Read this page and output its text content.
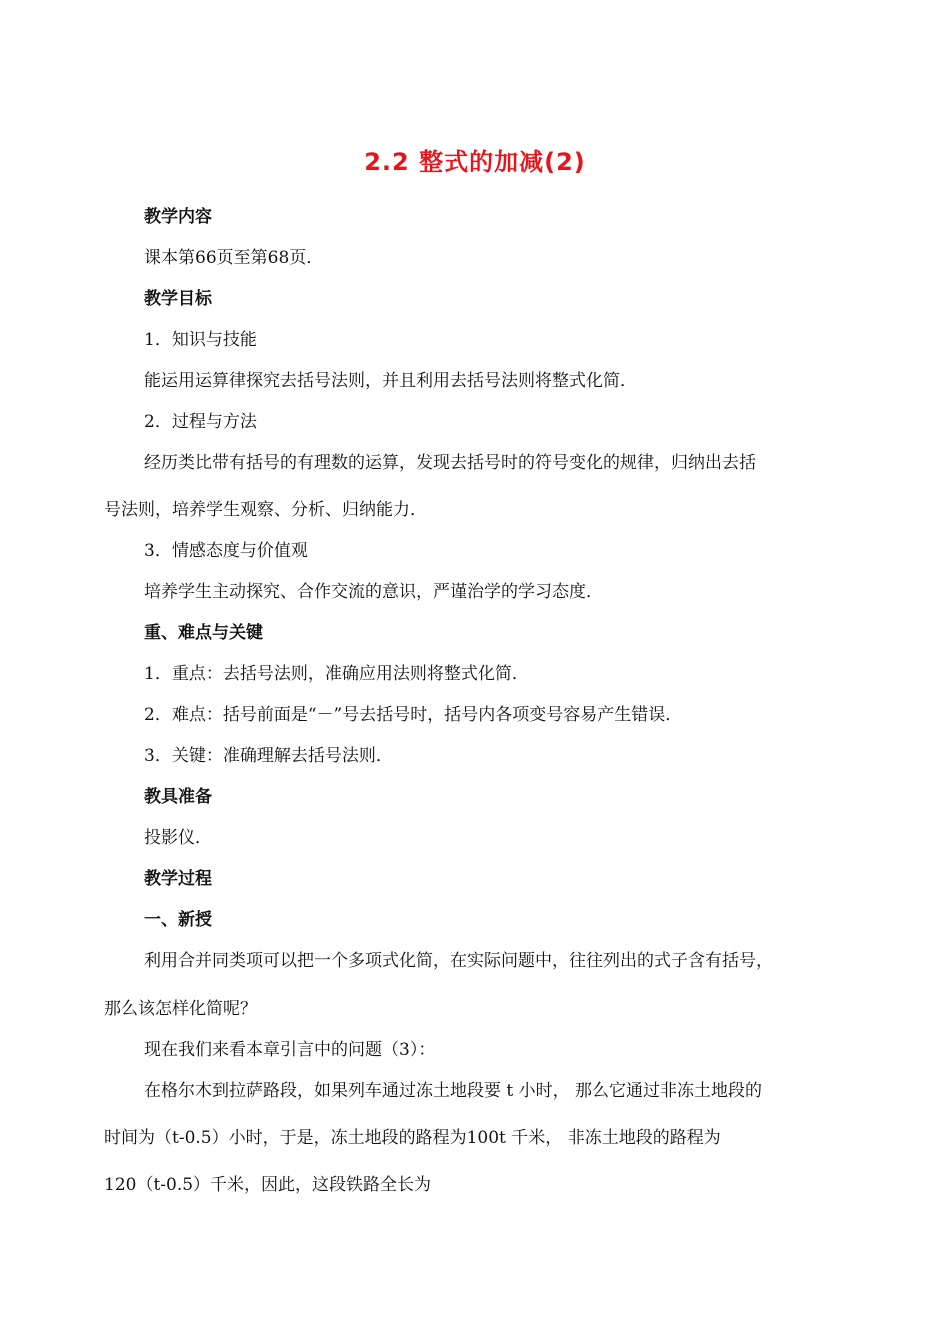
2.2 整式的加减(2)
教学内容
课本第66页至第68页．
教学目标
1．知识与技能
能运用运算律探究去括号法则，并且利用去括号法则将整式化简．
2．过程与方法
经历类比带有括号的有理数的运算，发现去括号时的符号变化的规律，归纳出去括
号法则，培养学生观察、分析、归纳能力．
3．情感态度与价值观
培养学生主动探究、合作交流的意识，严谨治学的学习态度．
重、难点与关键
1．重点：去括号法则，准确应用法则将整式化简．
2．难点：括号前面是“－”号去括号时，括号内各项变号容易产生错误．
3．关键：准确理解去括号法则．
教具准备
投影仪．
教学过程
一、新授
利用合并同类项可以把一个多项式化简，在实际问题中，往往列出的式子含有括号，
那么该怎样化简呢？
现在我们来看本章引言中的问题（3）：
在格尔木到拉萨路段，如果列车通过冻土地段要 t 小时， 那么它通过非冻土地段的
时间为（t-0.5）小时，于是，冻土地段的路程为100t 千米， 非冻土地段的路程为
120（t-0.5）千米，因此，这段铁路全长为
